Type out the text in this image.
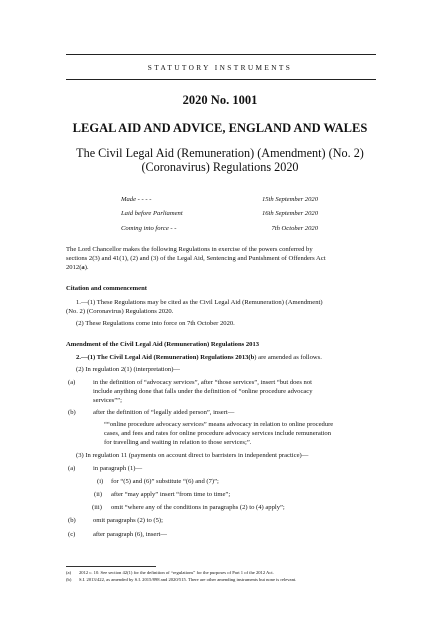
STATUTORY INSTRUMENTS
2020 No. 1001
LEGAL AID AND ADVICE, ENGLAND AND WALES
The Civil Legal Aid (Remuneration) (Amendment) (No. 2)
(Coronavirus) Regulations 2020
Made - - - -	15th September 2020
Laid before Parliament	16th September 2020
Coming into force - -	7th October 2020
The Lord Chancellor makes the following Regulations in exercise of the powers conferred by
sections 2(3) and 41(1), (2) and (3) of the Legal Aid, Sentencing and Punishment of Offenders Act
2012(a).
Citation and commencement
1.—(1) These Regulations may be cited as the Civil Legal Aid (Remuneration) (Amendment)
(No. 2) (Coronavirus) Regulations 2020.
(2) These Regulations come into force on 7th October 2020.
Amendment of the Civil Legal Aid (Remuneration) Regulations 2013
2.—(1) The Civil Legal Aid (Remuneration) Regulations 2013(b) are amended as follows.
(2) In regulation 2(1) (interpretation)—
(a)	in the definition of “advocacy services”, after “those services”, insert “but does not
include anything done that falls under the definition of “online procedure advocacy
services””;
(b)	after the definition of “legally aided person”, insert—
““online procedure advocacy services” means advocacy in relation to online procedure
cases, and fees and rates for online procedure advocacy services include remuneration
for travelling and waiting in relation to those services;”.
(3) In regulation 11 (payments on account direct to barristers in independent practice)—
(a)	in paragraph (1)—
(i) for “(5) and (6)” substitute “(6) and (7)”;
(ii) after “may apply” insert “from time to time”;
(iii) omit “where any of the conditions in paragraphs (2) to (4) apply”;
(b)	omit paragraphs (2) to (5);
(c)	after paragraph (6), insert—
(a) 2012 c. 10. See section 42(1) for the definition of “regulations” for the purposes of Part 1 of the 2012 Act.
(b) S.I. 2013/422, as amended by S.I. 2015/898 and 2020/515. There are other amending instruments but none is relevant.
